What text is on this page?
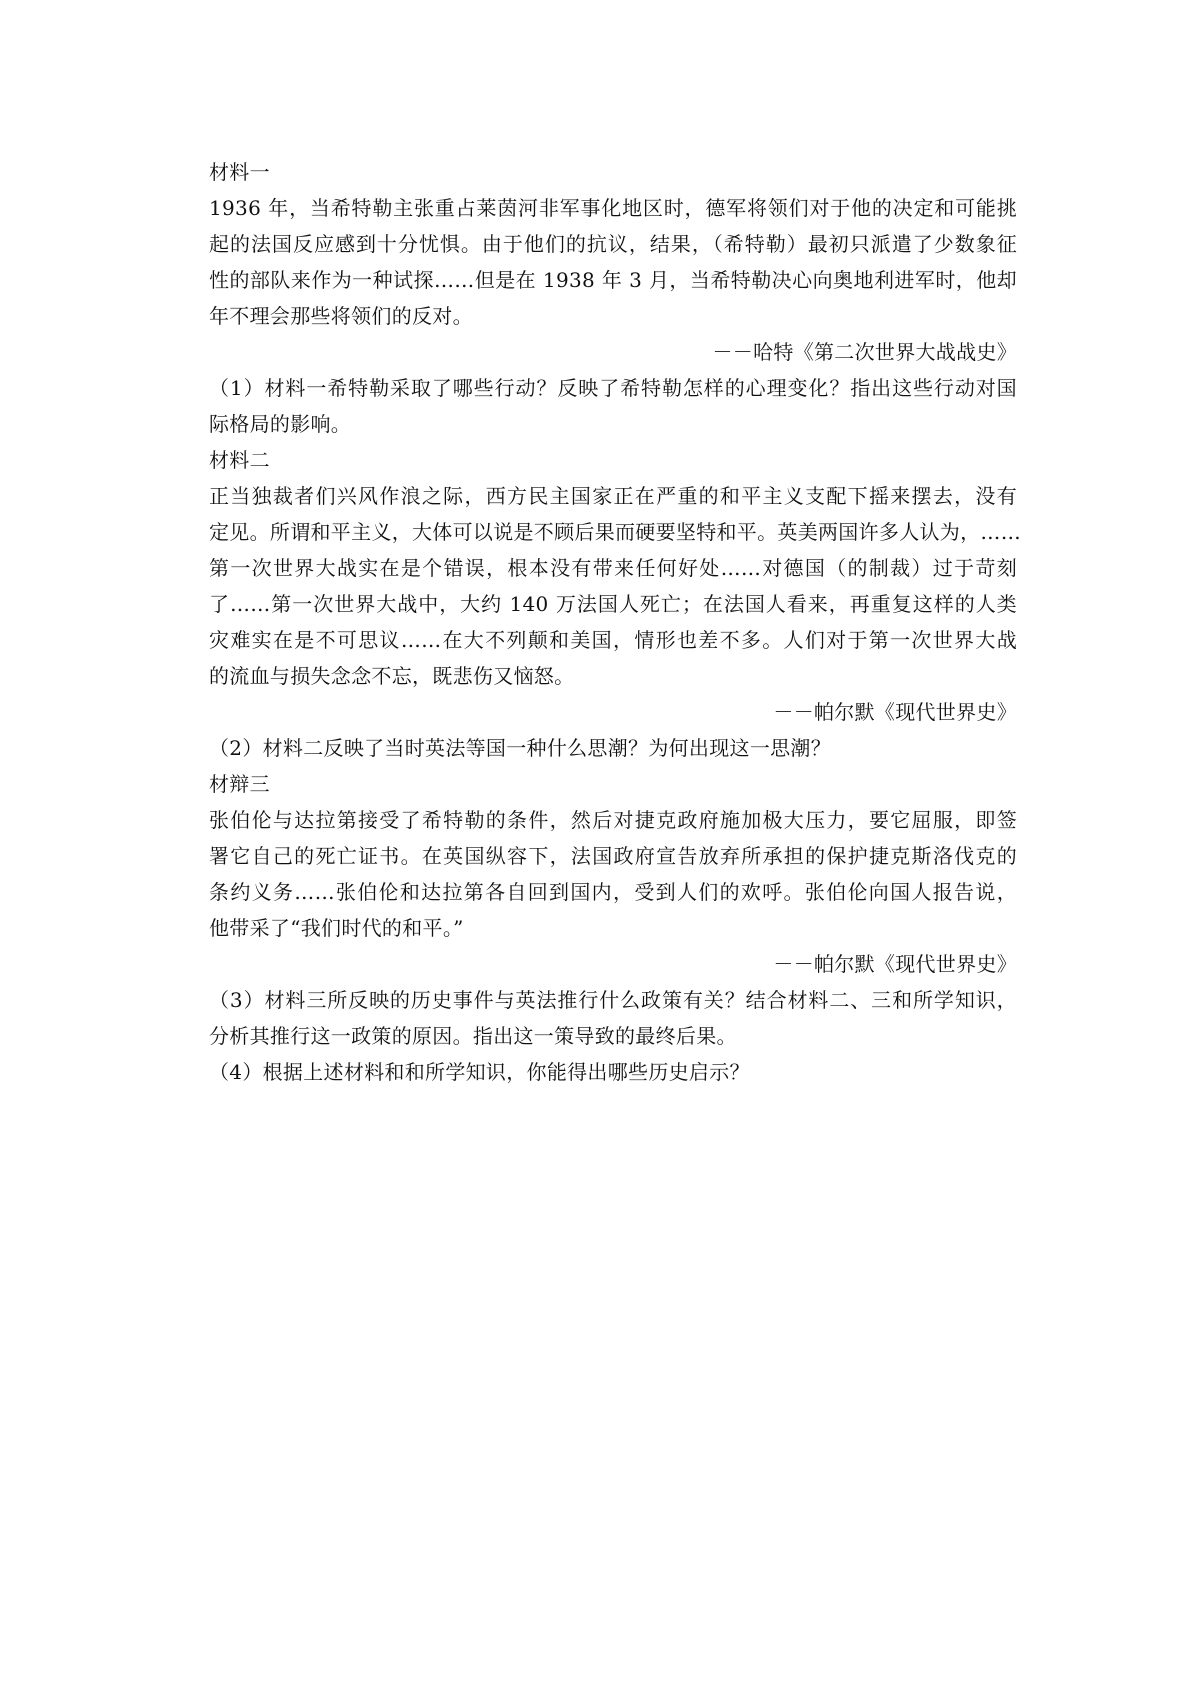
材料一
1936 年，当希特勒主张重占莱茵河非军事化地区时，德军将领们对于他的决定和可能挑
起的法国反应感到十分忧惧。由于他们的抗议，结果，（希特勒）最初只派遣了少数象征
性的部队来作为一种试探……但是在 1938 年 3 月，当希特勒决心向奥地利进军时，他却
年不理会那些将领们的反对。
－－哈特《第二次世界大战战史》
（1）材料一希特勒采取了哪些行动？反映了希特勒怎样的心理变化？指出这些行动对国
际格局的影响。
材料二
正当独裁者们兴风作浪之际，西方民主国家正在严重的和平主义支配下摇来摆去，没有
定见。所谓和平主义，大体可以说是不顾后果而硬要坚特和平。英美两国许多人认为，……
第一次世界大战实在是个错误，根本没有带来任何好处……对德国（的制裁）过于苛刻
了……第一次世界大战中，大约 140 万法国人死亡；在法国人看来，再重复这样的人类
灾难实在是不可思议……在大不列颠和美国，情形也差不多。人们对于第一次世界大战
的流血与损失念念不忘，既悲伤又恼怒。
－－帕尔默《现代世界史》
（2）材料二反映了当时英法等国一种什么思潮？为何出现这一思潮？
材辩三
张伯伦与达拉第接受了希特勒的条件，然后对捷克政府施加极大压力，要它屈服，即签
署它自己的死亡证书。在英国纵容下，法国政府宣告放弃所承担的保护捷克斯洛伐克的
条约义务……张伯伦和达拉第各自回到国内，受到人们的欢呼。张伯伦向国人报告说，
他带采了“我们时代的和平。”
－－帕尔默《现代世界史》
（3）材料三所反映的历史事件与英法推行什么政策有关？结合材料二、三和所学知识，
分析其推行这一政策的原因。指出这一策导致的最终后果。
（4）根据上述材料和和所学知识，你能得出哪些历史启示？
